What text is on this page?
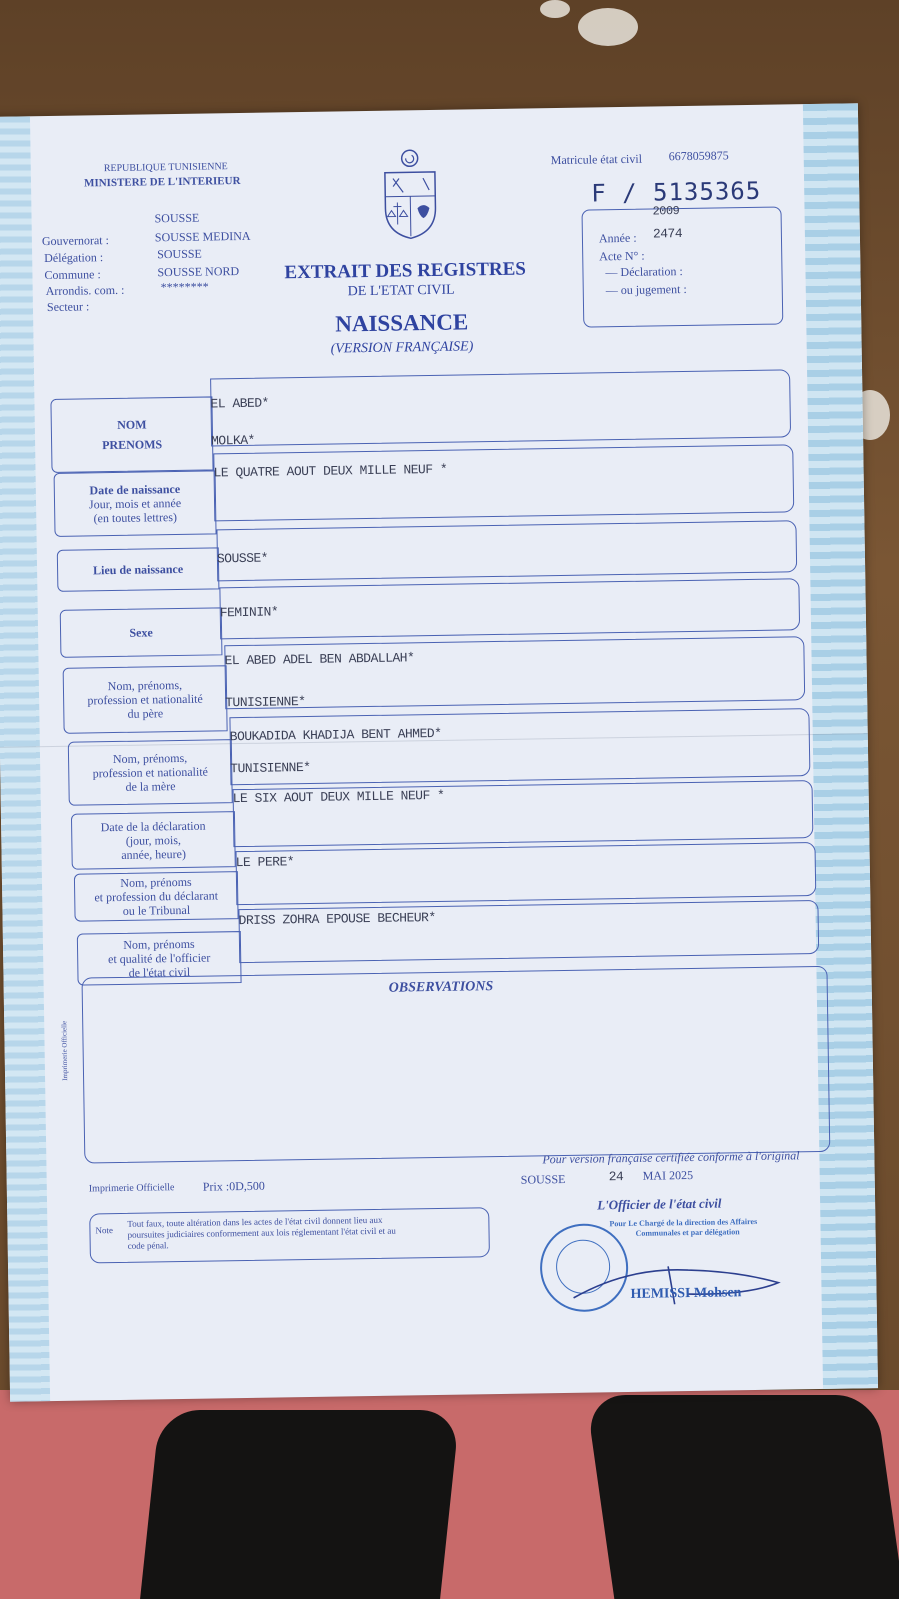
REPUBLIQUE TUNISIENNE
MINISTERE DE L'INTERIEUR
SOUSSE
Gouvernorat :	SOUSSE MEDINA
Délégation :	SOUSSE
Commune :	SOUSSE NORD
Arrondis. com. :	********
Secteur :
EXTRAIT DES REGISTRES
DE L'ETAT CIVIL
NAISSANCE
(VERSION FRANÇAISE)
Matricule état civil 6678059875
F / 5135365
2009
Année : 2474
Acte N° :
— Déclaration :
— ou jugement :
NOM
PRENOMS
EL ABED*
MOLKA*
Date de naissance
Jour, mois et année
(en toutes lettres)
LE QUATRE AOUT DEUX MILLE NEUF *
Lieu de naissance
SOUSSE*
Sexe
FEMININ*
Nom, prénoms,
profession et nationalité
du père
EL ABED ADEL BEN ABDALLAH*
TUNISIENNE*
Nom, prénoms,
profession et nationalité
de la mère
BOUKADIDA KHADIJA BENT AHMED*
TUNISIENNE*
Date de la déclaration
(jour, mois,
année, heure)
LE SIX AOUT DEUX MILLE NEUF *
Nom, prénoms
et profession du déclarant
ou le Tribunal
LE PERE*
Nom, prénoms
et qualité de l'officier
de l'état civil
DRISS ZOHRA EPOUSE BECHEUR*
OBSERVATIONS
Imprimerie Officielle
Pour version française certifiée conforme à l'original
Imprimerie Officielle Prix :0D,500	SOUSSE	24 MAI 2025
L'Officier de l'état civil
Note
Tout faux, toute altération dans les actes de l'état civil donnent lieu aux
poursuites judiciaires conformement aux lois réglementant l'état civil et au
code pénal.
Pour Le Chargé de la direction des Affaires
Communales et par délégation
HEMISSI Mohsen
